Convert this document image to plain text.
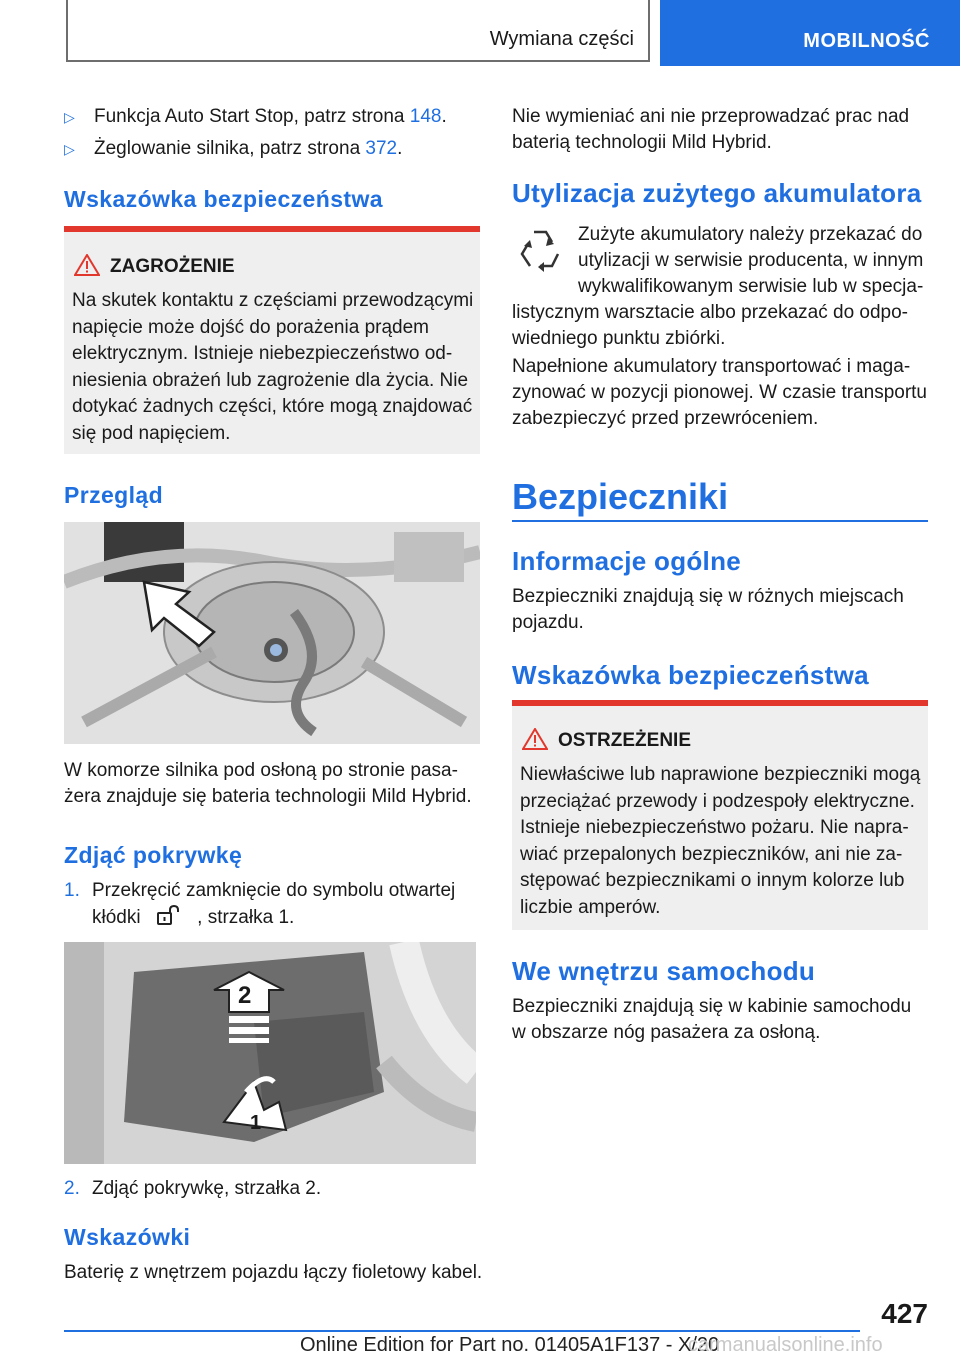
Wymiana części	MOBILNOŚĆ
▷ Funkcja Auto Start Stop, patrz strona 148.
▷ Żeglowanie silnika, patrz strona 372.
Wskazówka bezpieczeństwa
ZAGROŻENIE
Na skutek kontaktu z częściami przewodzącymi
napięcie może dojść do porażenia prądem
elektrycznym. Istnieje niebezpieczeństwo od-
niesienia obrażeń lub zagrożenie dla życia. Nie
dotykać żadnych części, które mogą znajdować
się pod napięciem.
Przegląd
W komorze silnika pod osłoną po stronie pasa-
żera znajduje się bateria technologii Mild Hybrid.
Zdjąć pokrywkę
1. Przekręcić zamknięcie do symbolu otwartej
kłódki	, strzałka 1.
2
1
2. Zdjąć pokrywkę, strzałka 2.
Wskazówki
Baterię z wnętrzem pojazdu łączy fioletowy kabel.
Nie wymieniać ani nie przeprowadzać prac nad
baterią technologii Mild Hybrid.
Utylizacja zużytego akumulatora
Zużyte akumulatory należy przekazać do
utylizacji w serwisie producenta, w innym
wykwalifikowanym serwisie lub w specja-
listycznym warsztacie albo przekazać do odpo-
wiedniego punktu zbiórki.
Napełnione akumulatory transportować i maga-
zynować w pozycji pionowej. W czasie transportu
zabezpieczyć przed przewróceniem.
Bezpieczniki
Informacje ogólne
Bezpieczniki znajdują się w różnych miejscach
pojazdu.
Wskazówka bezpieczeństwa
OSTRZEŻENIE
Niewłaściwe lub naprawione bezpieczniki mogą
przeciążać przewody i podzespoły elektryczne.
Istnieje niebezpieczeństwo pożaru. Nie napra-
wiać przepalonych bezpieczników, ani nie za-
stępować bezpiecznikami o innym kolorze lub
liczbie amperów.
We wnętrzu samochodu
Bezpieczniki znajdują się w kabinie samochodu
w obszarze nóg pasażera za osłoną.
427
Online Edition for Part no. 01405A1F137 - X/20
carmanualsonline.info
